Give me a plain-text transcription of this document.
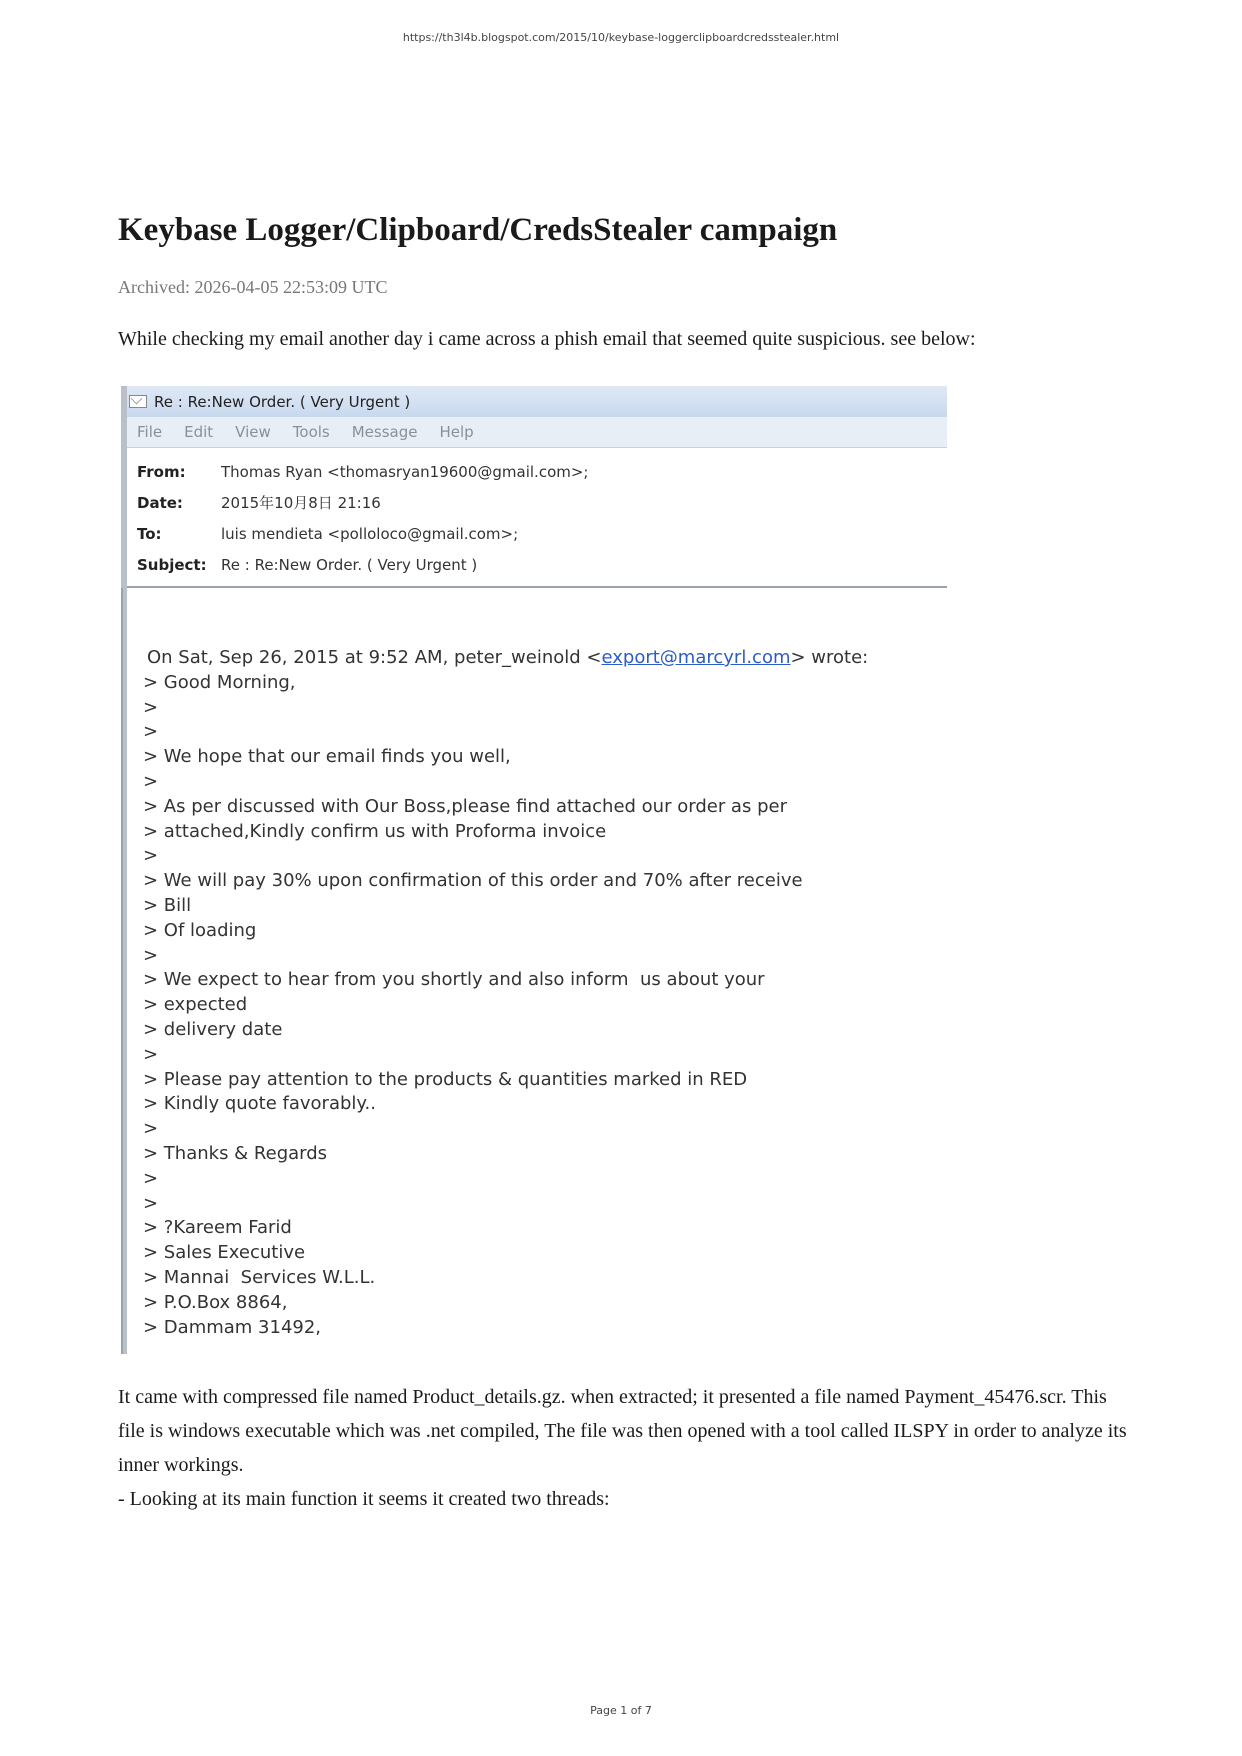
https://th3l4b.blogspot.com/2015/10/keybase-loggerclipboardcredsstealer.html
Keybase Logger/Clipboard/CredsStealer campaign
Archived: 2026-04-05 22:53:09 UTC
While checking my email another day i came across a phish email that seemed quite suspicious. see below:
Re : Re:New Order. ( Very Urgent )
File Edit View Tools Message Help
From:	Thomas Ryan <thomasryan19600@gmail.com>;
Date:	2015年10月8日 21:16
To:	luis mendieta <pollolocо@gmail.com>;
Subject: Re : Re:New Order. ( Very Urgent )
On Sat, Sep 26, 2015 at 9:52 AM, peter_weinold <export@marcyrl.com> wrote:
> Good Morning,
>
>
> We hope that our email finds you well,
>
> As per discussed with Our Boss,please find attached our order as per
> attached,Kindly confirm us with Proforma invoice
>
> We will pay 30% upon confirmation of this order and 70% after receive
> Bill
> Of loading
>
> We expect to hear from you shortly and also inform  us about your
> expected
> delivery date
>
> Please pay attention to the products & quantities marked in RED
> Kindly quote favorably..
>
> Thanks & Regards
>
>
> ?Kareem Farid
> Sales Executive
> Mannai  Services W.L.L.
> P.O.Box 8864,
> Dammam 31492,

It came with compressed file named Product_details.gz. when extracted; it presented a file named Payment_45476.scr. This file is windows executable which was .net compiled, The file was then opened with a tool called ILSPY in order to analyze its inner workings.

- Looking at its main function it seems it created two threads:

Page 1 of 7
